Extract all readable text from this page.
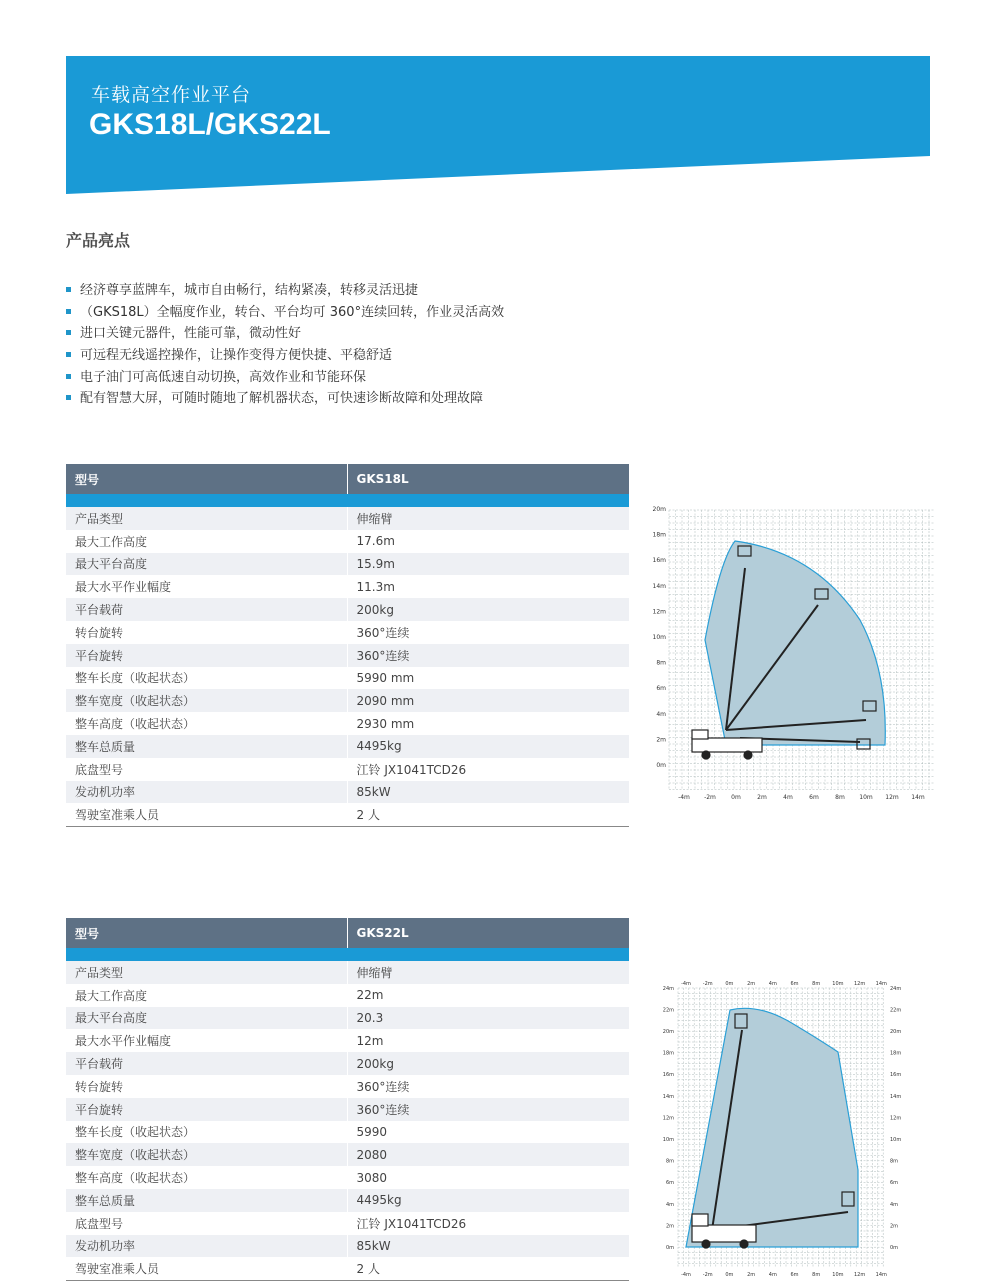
车载高空作业平台
GKS18L/GKS22L
产品亮点
经济尊享蓝牌车，城市自由畅行，结构紧凑，转移灵活迅捷
（GKS18L）全幅度作业，转台、平台均可 360°连续回转，作业灵活高效
进口关键元器件，性能可靠，微动性好
可远程无线遥控操作，让操作变得方便快捷、平稳舒适
电子油门可高低速自动切换，高效作业和节能环保
配有智慧大屏，可随时随地了解机器状态，可快速诊断故障和处理故障
型号	GKS18L

产品类型	伸缩臂
最大工作高度	17.6m
最大平台高度	15.9m
最大水平作业幅度	11.3m
平台载荷	200kg
转台旋转	360°连续
平台旋转	360°连续
整车长度（收起状态）	5990 mm
整车宽度（收起状态）	2090 mm
整车高度（收起状态）	2930 mm
整车总质量	4495kg
底盘型号	江铃 JX1041TCD26
发动机功率	85kW
驾驶室准乘人员	2 人
型号	GKS22L

产品类型	伸缩臂
最大工作高度	22m
最大平台高度	20.3
最大水平作业幅度	12m
平台载荷	200kg
转台旋转	360°连续
平台旋转	360°连续
整车长度（收起状态）	5990
整车宽度（收起状态）	2080
整车高度（收起状态）	3080
整车总质量	4495kg
底盘型号	江铃 JX1041TCD26
发动机功率	85kW
驾驶室准乘人员	2 人
-4m -2m	0m	2m	4m	6m	8m 10m 12m 14m
0m
2m
4m
6m
8m
10m
12m
14m
16m
18m
20m
-4m -2m	0m	2m	4m	6m	8m 10m 12m 14m
-4m -2m	0m	2m	4m	6m	8m 10m 12m 14m
0m
2m
4m
6m
8m
10m
12m
14m
16m
18m
20m
22m
24m
0m
2m
4m
6m
8m
10m
12m
14m
16m
18m
20m
22m
24m
